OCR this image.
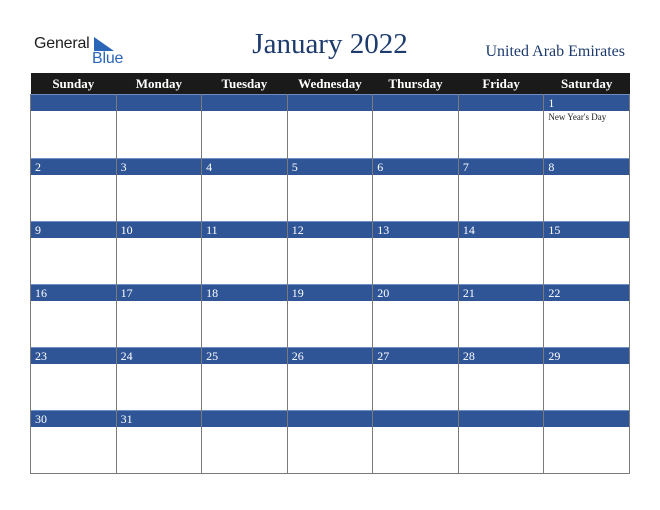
General
Blue	January 2022	United Arab Emirates
Sunday	Monday	Tuesday	Wednesday	Thursday	Friday	Saturday

						1
New Year's Day

2	3	4	5	6	7	8

9	10	11	12	13	14	15

16	17	18	19	20	21	22

23	24	25	26	27	28	29

30	31					
